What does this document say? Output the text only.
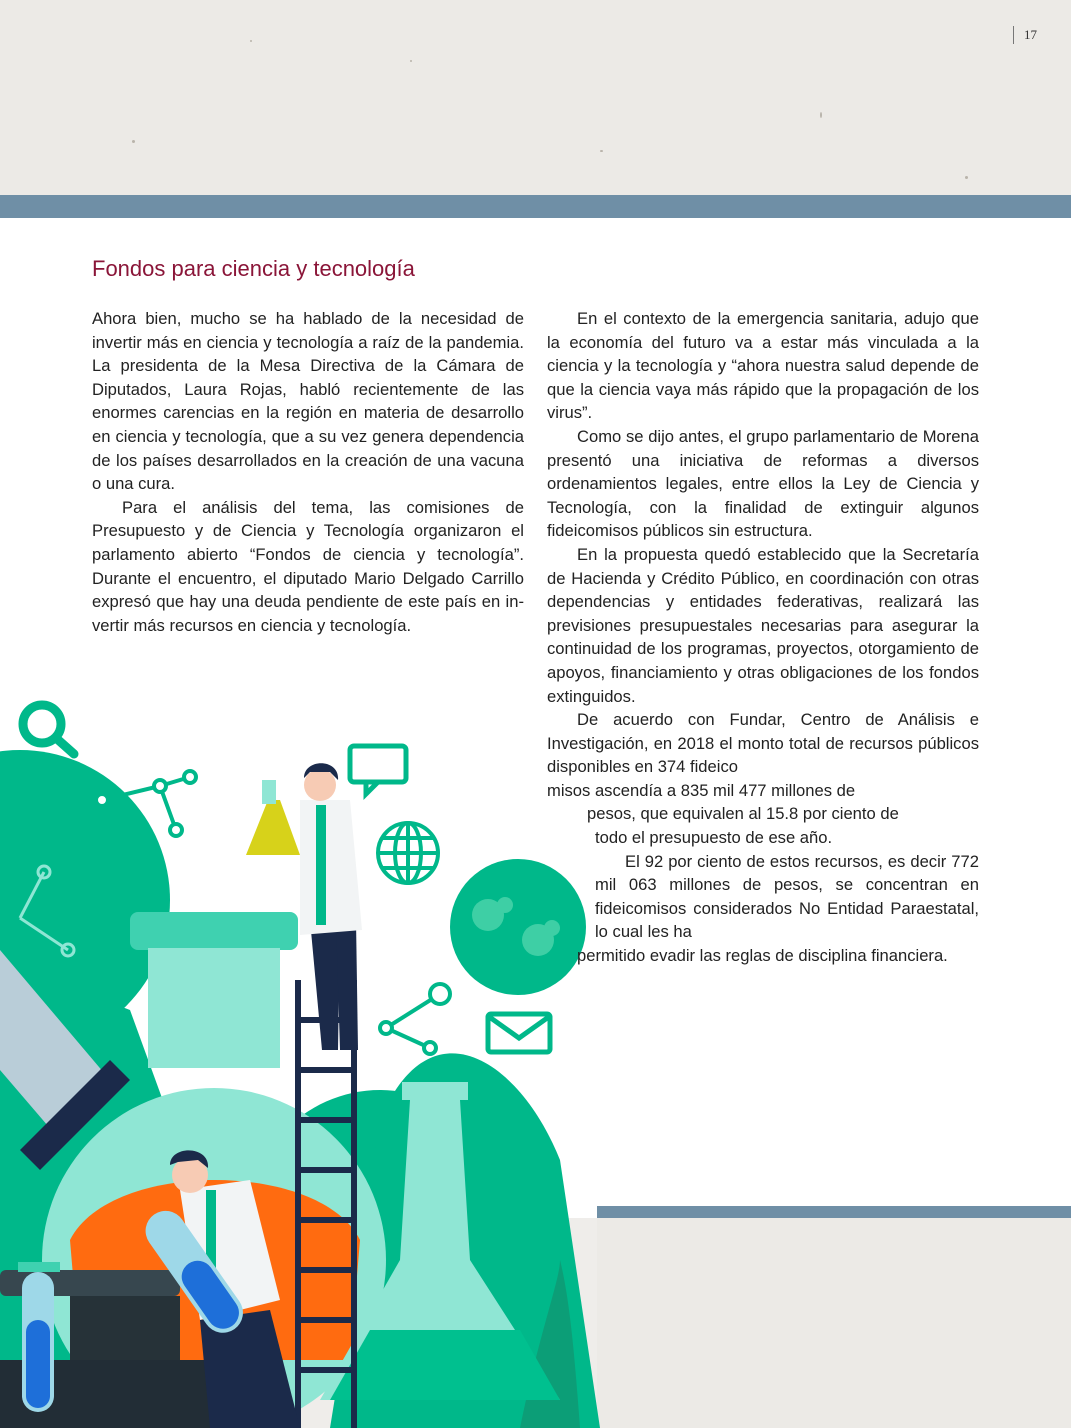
17
Fondos para ciencia y tecnología

Ahora bien, mucho se ha hablado de la necesidad de invertir más en ciencia y tecnología a raíz de la pandemia. La presidenta de la Mesa Directiva de la Cámara de Diputados, Laura Rojas, habló recientemente de las enormes carencias en la región en materia de desarrollo en ciencia y tecnología, que a su vez genera dependencia de los países desarrollados en la creación de una vacuna o una cura.

Para el análisis del tema, las comisiones de Presupuesto y de Ciencia y Tecnología organizaron el parlamento abierto “Fondos de ciencia y tecnología”. Durante el encuentro, el diputado Mario Delgado Carrillo expresó que hay una deuda pendiente de este país en invertir más recursos en ciencia y tecnología.

En el contexto de la emergencia sanitaria, adujo que la economía del futuro va a estar más vinculada a la ciencia y la tecnología y “ahora nuestra salud depende de que la ciencia vaya más rápido que la propagación de los virus”.

Como se dijo antes, el grupo parlamentario de Morena presentó una iniciativa de reformas a diversos ordenamientos legales, entre ellos la Ley de Ciencia y Tecnología, con la finalidad de extinguir algunos fideicomisos públicos sin estructura.

En la propuesta quedó establecido que la Secretaría de Hacienda y Crédito Público, en coordinación con otras dependencias y entidades federativas, realizará las previsiones presupuestales necesarias para asegurar la continuidad de los programas, proyectos, otorgamiento de apoyos, financiamiento y otras obligaciones de los fondos extinguidos.

De acuerdo con Fundar, Centro de Análisis e Investigación, en 2018 el monto total de recursos públicos disponibles en 374 fideico

misos ascendía a 835 mil 477 millones de

pesos, que equivalen al 15.8 por ciento de

todo el presupuesto de ese año.

El 92 por ciento de estos recursos, es decir 772 mil 063 millones de pesos, se concentran en fideicomisos considerados No Entidad Paraestatal, lo cual les ha

permitido evadir las reglas de disciplina financiera.
